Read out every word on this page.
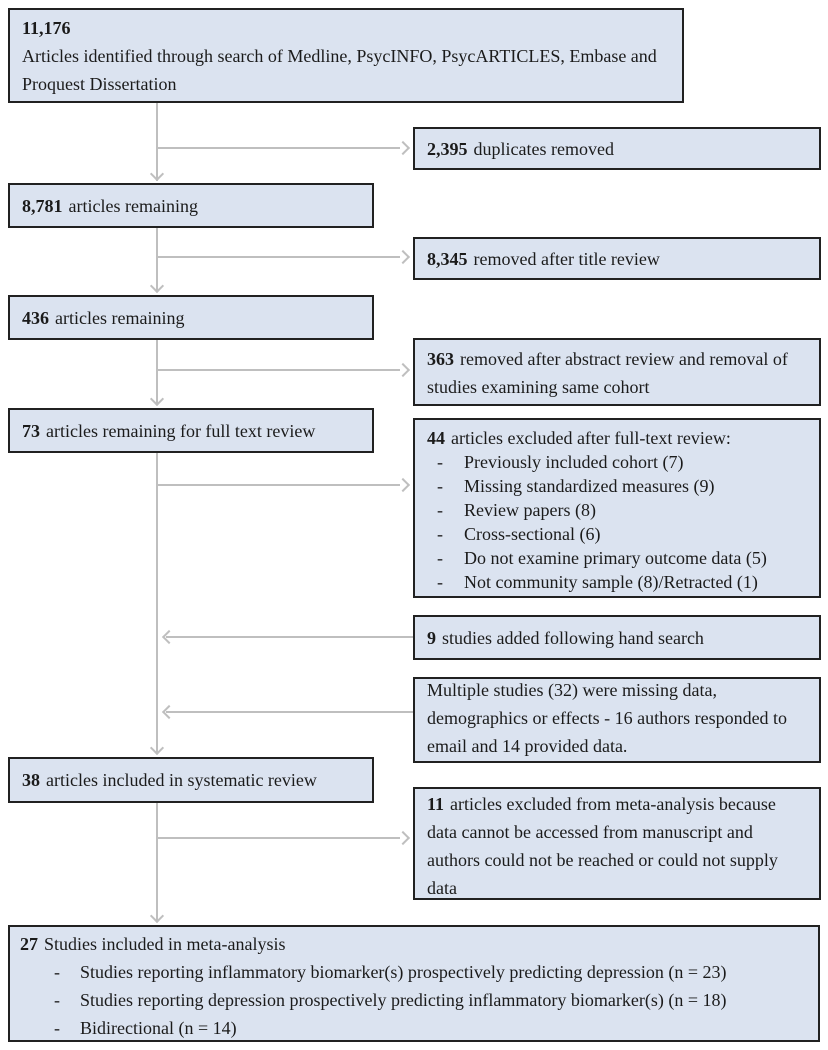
11,176
Articles identified through search of Medline, PsycINFO, PsycARTICLES, Embase and Proquest Dissertation
2,395 duplicates removed
8,781 articles remaining
8,345 removed after title review
436 articles remaining
363 removed after abstract review and removal of studies examining same cohort
73 articles remaining for full text review	44 articles excluded after full-text review:
-	Previously included cohort (7)
-	Missing standardized measures (9)
-	Review papers (8)
-	Cross-sectional (6)
-	Do not examine primary outcome data (5)
-	Not community sample (8)/Retracted (1)
9 studies added following hand search
Multiple studies (32) were missing data, demographics or effects - 16 authors responded to email and 14 provided data.
38 articles included in systematic review
11 articles excluded from meta-analysis because data cannot be accessed from manuscript and authors could not be reached or could not supply data
27 Studies included in meta-analysis
-	Studies reporting inflammatory biomarker(s) prospectively predicting depression (n = 23)
-	Studies reporting depression prospectively predicting inflammatory biomarker(s) (n = 18)
-	Bidirectional (n = 14)
